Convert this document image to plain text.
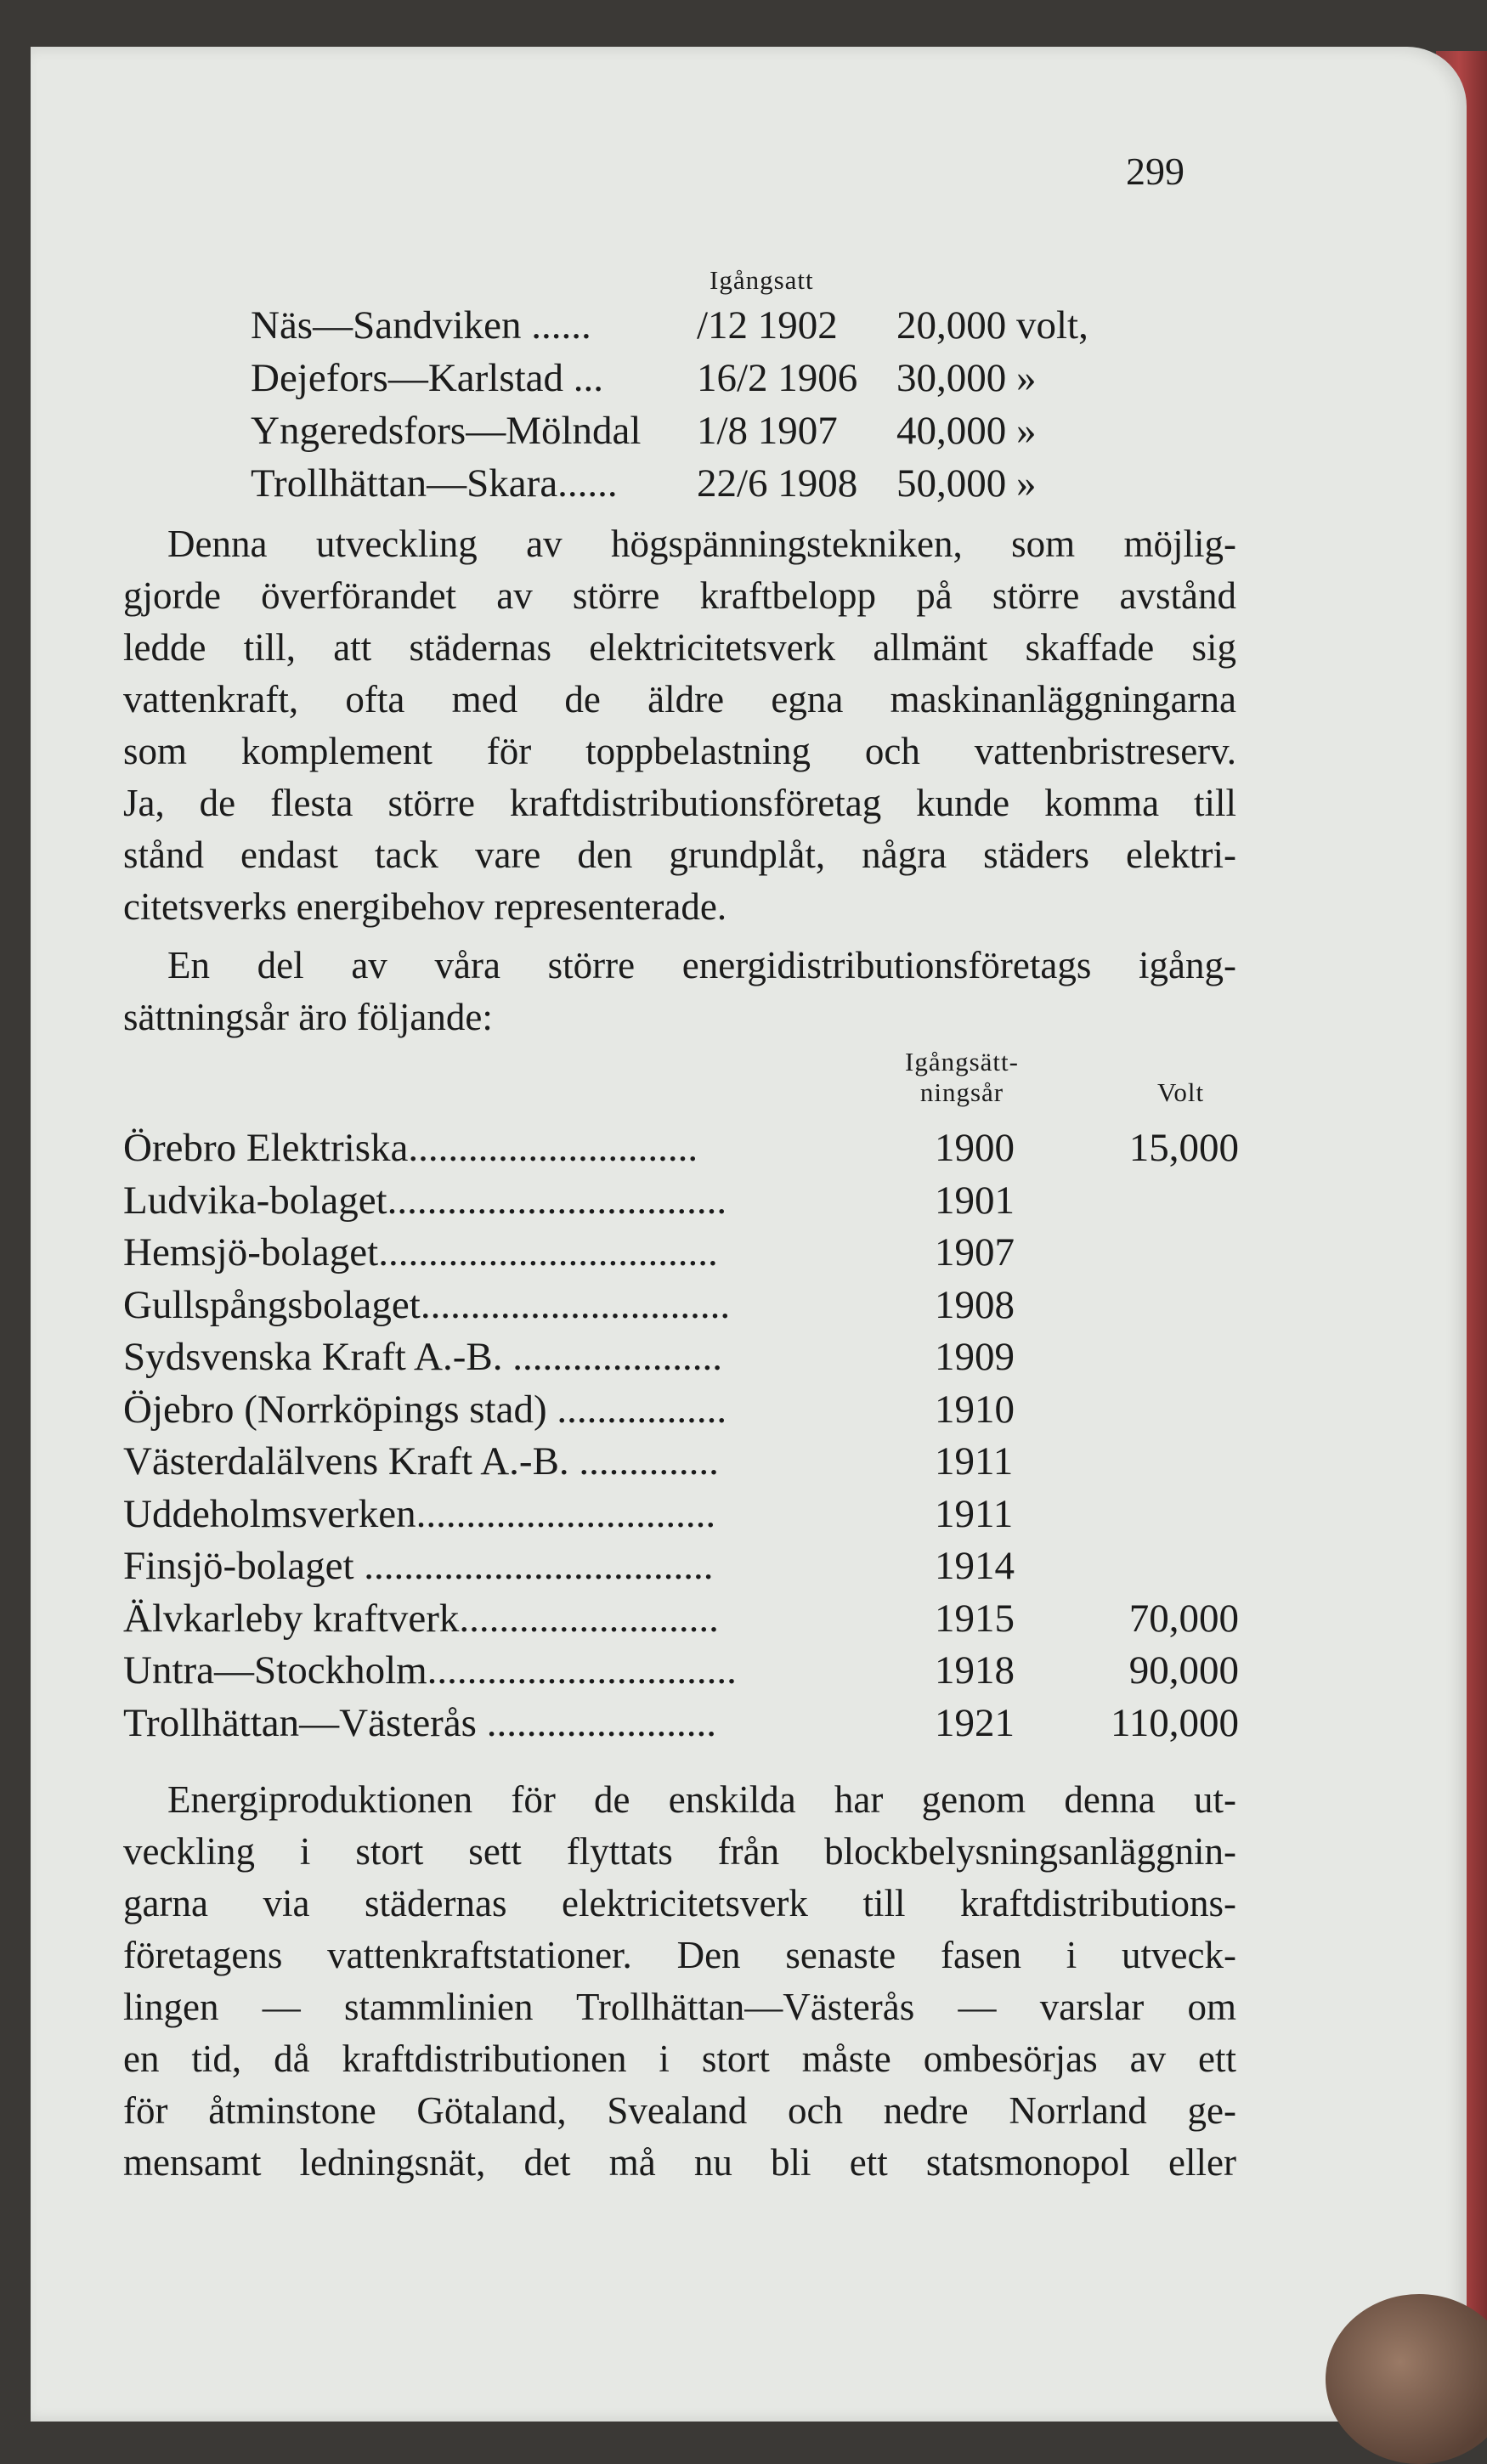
299
Igångsatt
Näs—Sandviken ......	/12 1902 20,000 volt,
Dejefors—Karlstad ... 16/2 1906 30,000 »
Yngeredsfors—Mölndal 1/8 1907 40,000 »
Trollhättan—Skara...... 22/6 1908 50,000 »
Denna utveckling av högspänningstekniken, som möjlig-
gjorde överförandet av större kraftbelopp på större avstånd
ledde till, att städernas elektricitetsverk allmänt skaffade sig
vattenkraft, ofta med de äldre egna maskinanläggningarna
som komplement för toppbelastning och vattenbristreserv.
Ja, de flesta större kraftdistributionsföretag kunde komma till
stånd endast tack vare den grundplåt, några städers elektri-
citetsverks energibehov representerade.
En del av våra större energidistributionsföretags igång-
sättningsår äro följande:
Igångsätt-
ningsår	Volt
Örebro Elektriska.............................	1900	15,000
Ludvika-bolaget..................................	1901
Hemsjö-bolaget..................................	1907
Gullspångsbolaget...............................	1908
Sydsvenska Kraft A.-B. .....................	1909
Öjebro (Norrköpings stad) .................	1910
Västerdalälvens Kraft A.-B. ..............	1911
Uddeholmsverken..............................	1911
Finsjö-bolaget ...................................	1914
Älvkarleby kraftverk..........................	1915	70,000
Untra—Stockholm...............................	1918	90,000
Trollhättan—Västerås .......................	1921	110,000
Energiproduktionen för de enskilda har genom denna ut-
veckling i stort sett flyttats från blockbelysningsanläggnin-
garna via städernas elektricitetsverk till kraftdistributions-
företagens vattenkraftstationer. Den senaste fasen i utveck-
lingen — stammlinien Trollhättan—Västerås — varslar om
en tid, då kraftdistributionen i stort måste ombesörjas av ett
för åtminstone Götaland, Svealand och nedre Norrland ge-
mensamt ledningsnät, det må nu bli ett statsmonopol eller
